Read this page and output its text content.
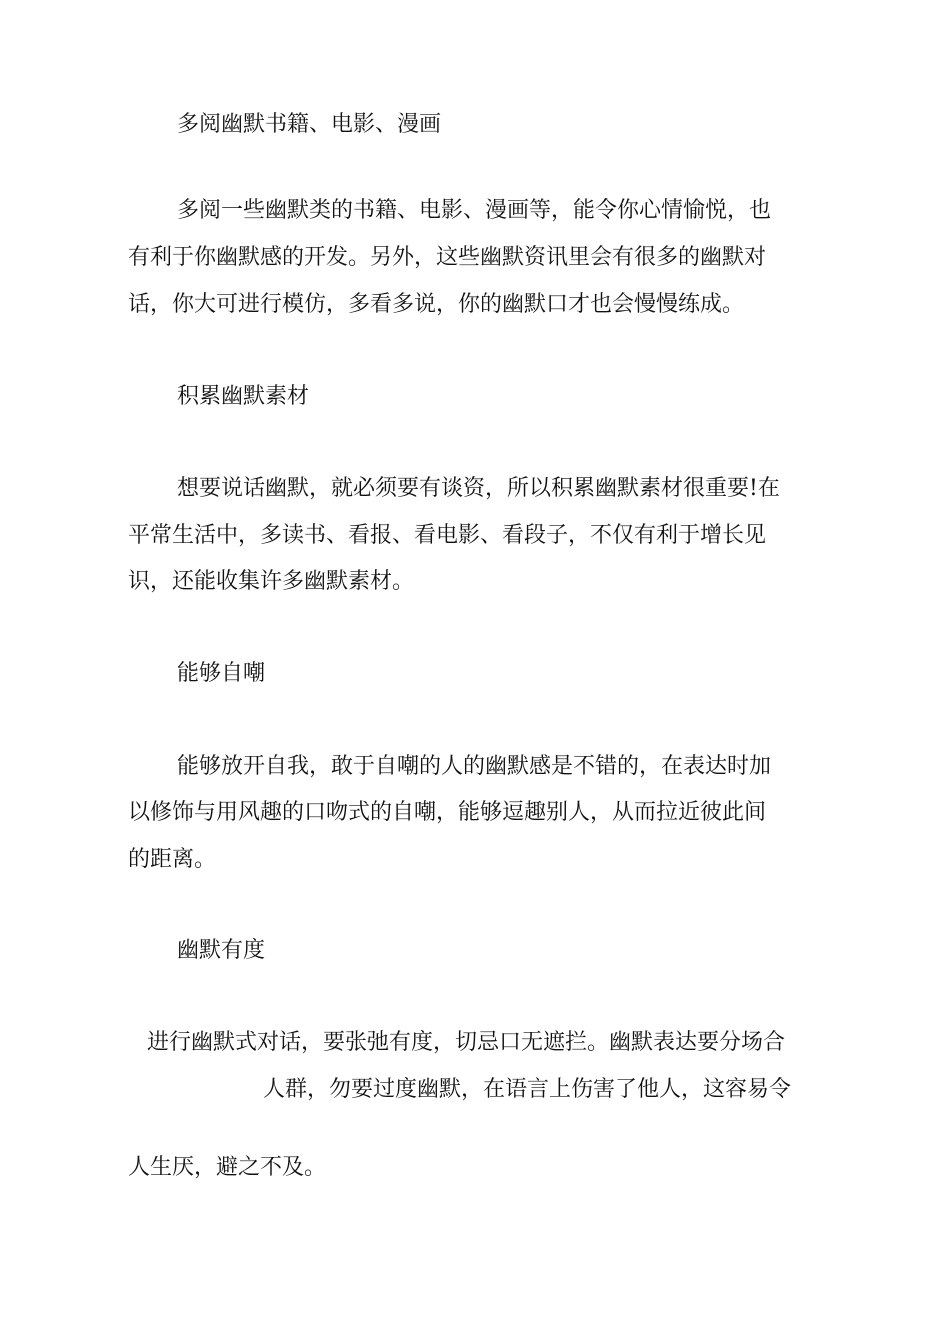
多阅幽默书籍、电影、漫画
多阅一些幽默类的书籍、电影、漫画等，能令你心情愉悦，也
有利于你幽默感的开发。另外，这些幽默资讯里会有很多的幽默对
话，你大可进行模仿，多看多说，你的幽默口才也会慢慢练成。
积累幽默素材
想要说话幽默，就必须要有谈资，所以积累幽默素材很重要!在
平常生活中，多读书、看报、看电影、看段子，不仅有利于增长见
识，还能收集许多幽默素材。
能够自嘲
能够放开自我，敢于自嘲的人的幽默感是不错的，在表达时加
以修饰与用风趣的口吻式的自嘲，能够逗趣别人，从而拉近彼此间
的距离。
幽默有度
进行幽默式对话，要张弛有度，切忌口无遮拦。幽默表达要分场合
人群，勿要过度幽默，在语言上伤害了他人，这容易令
人生厌，避之不及。
